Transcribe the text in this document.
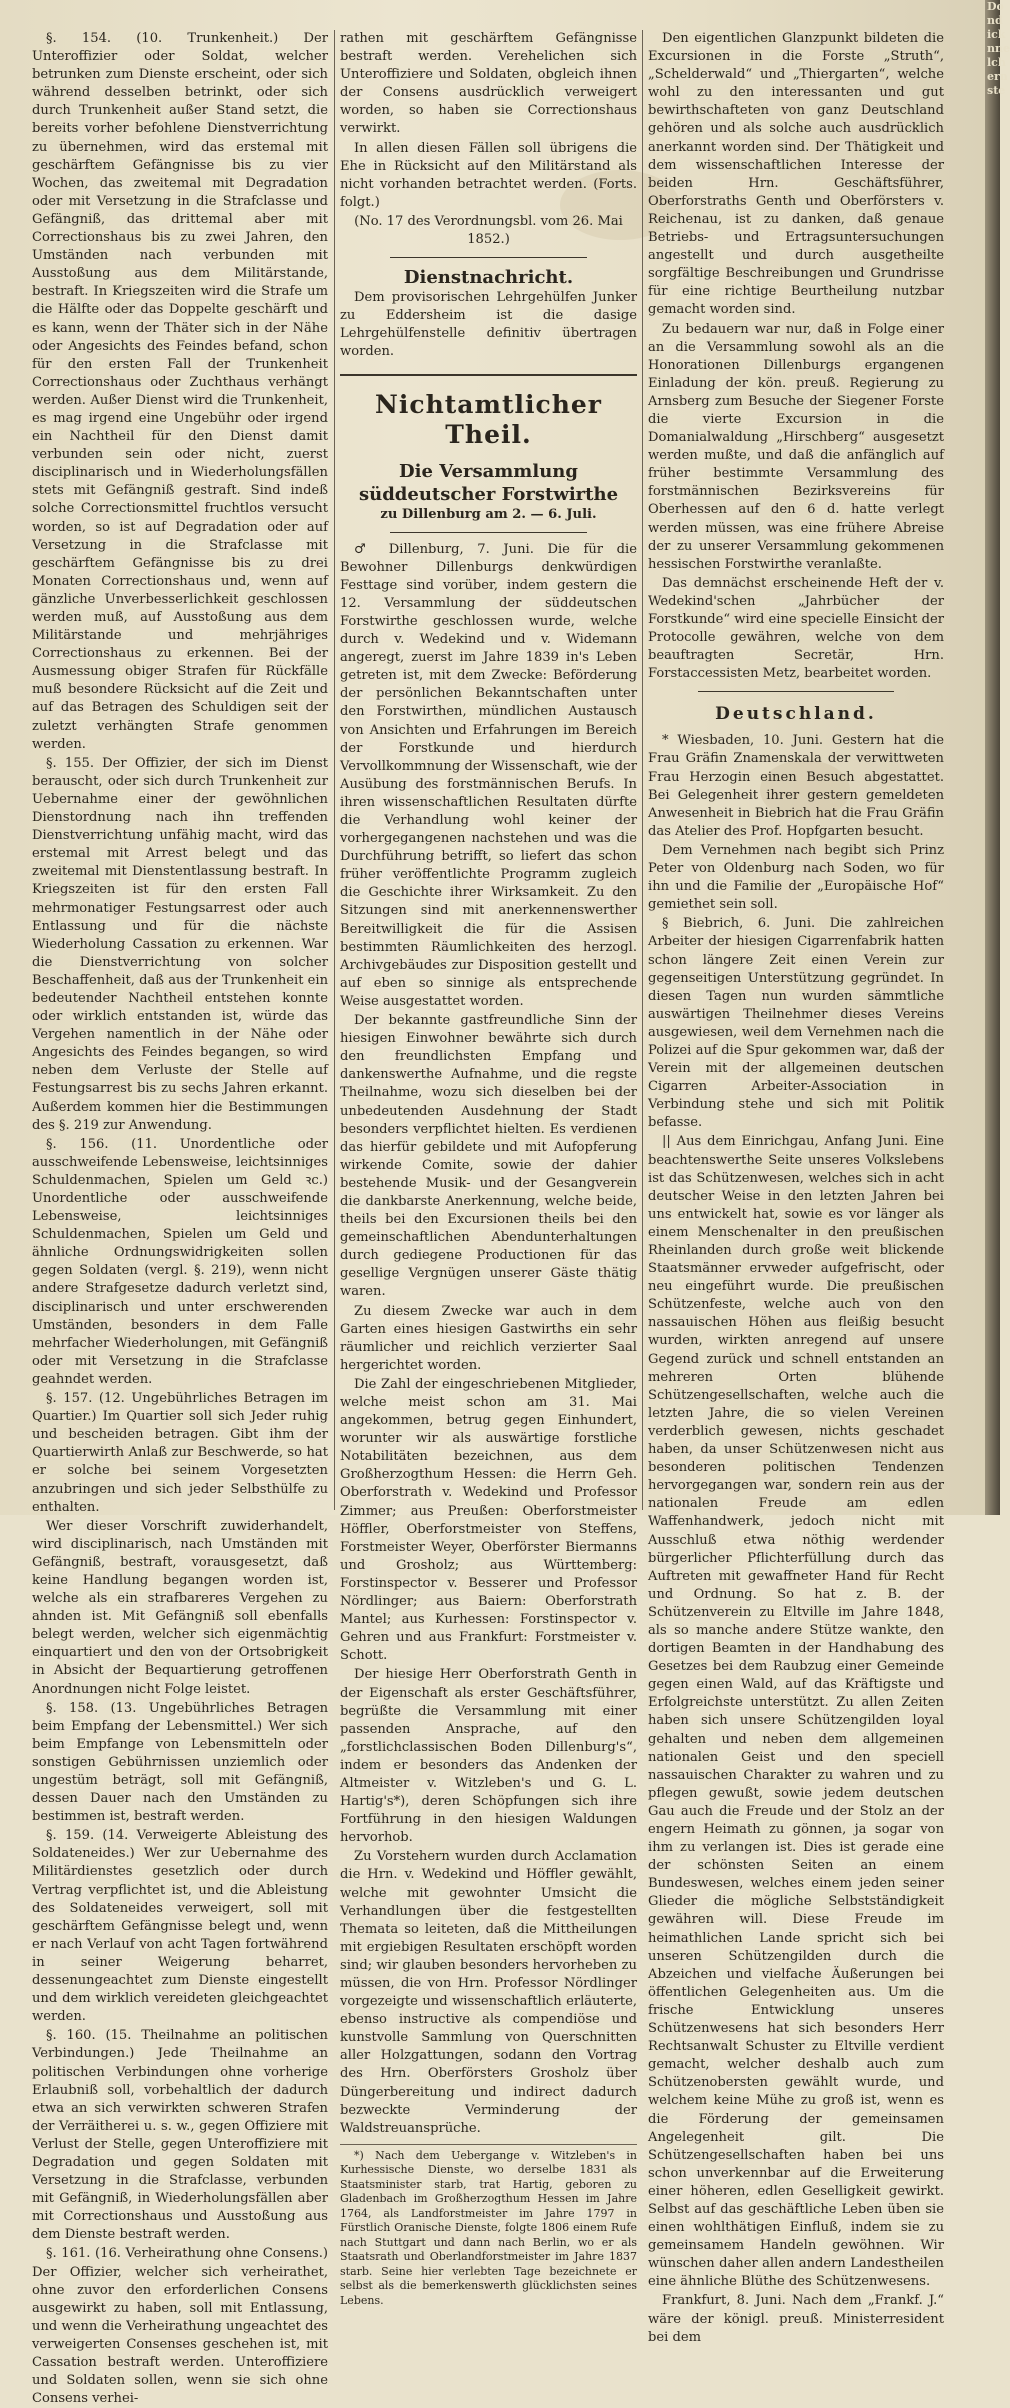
§. 154. (10. Trunkenheit.) Der Unteroffizier oder Soldat, welcher betrunken zum Dienste erscheint, oder sich während desselben betrinkt, oder sich durch Trunkenheit außer Stand setzt, die bereits vorher befohlene Dienstverrichtung zu übernehmen, wird das erstemal mit geschärftem Gefängnisse bis zu vier Wochen, das zweitemal mit Degradation oder mit Versetzung in die Strafclasse und Gefängniß, das drittemal aber mit Correctionshaus bis zu zwei Jahren, den Umständen nach verbunden mit Ausstoßung aus dem Militärstande, bestraft. In Kriegszeiten wird die Strafe um die Hälfte oder das Doppelte geschärft und es kann, wenn der Thäter sich in der Nähe oder Angesichts des Feindes befand, schon für den ersten Fall der Trunkenheit Correctionshaus oder Zuchthaus verhängt werden. Außer Dienst wird die Trunkenheit, es mag irgend eine Ungebühr oder irgend ein Nachtheil für den Dienst damit verbunden sein oder nicht, zuerst disciplinarisch und in Wiederholungsfällen stets mit Gefängniß gestraft. Sind indeß solche Correctionsmittel fruchtlos versucht worden, so ist auf Degradation oder auf Versetzung in die Strafclasse mit geschärftem Gefängnisse bis zu drei Monaten Correctionshaus und, wenn auf gänzliche Unverbesserlichkeit geschlossen werden muß, auf Ausstoßung aus dem Militärstande und mehrjähriges Correctionshaus zu erkennen. Bei der Ausmessung obiger Strafen für Rückfälle muß besondere Rücksicht auf die Zeit und auf das Betragen des Schuldigen seit der zuletzt verhängten Strafe genommen werden.

§. 155. Der Offizier, der sich im Dienst berauscht, oder sich durch Trunkenheit zur Uebernahme einer der gewöhnlichen Dienstordnung nach ihn treffenden Dienstverrichtung unfähig macht, wird das erstemal mit Arrest belegt und das zweitemal mit Dienstentlassung bestraft. In Kriegszeiten ist für den ersten Fall mehrmonatiger Festungsarrest oder auch Entlassung und für die nächste Wiederholung Cassation zu erkennen. War die Dienstverrichtung von solcher Beschaffenheit, daß aus der Trunkenheit ein bedeutender Nachtheil entstehen konnte oder wirklich entstanden ist, würde das Vergehen namentlich in der Nähe oder Angesichts des Feindes begangen, so wird neben dem Verluste der Stelle auf Festungsarrest bis zu sechs Jahren erkannt. Außerdem kommen hier die Bestimmungen des §. 219 zur Anwendung.

§. 156. (11. Unordentliche oder ausschweifende Lebensweise, leichtsinniges Schuldenmachen, Spielen um Geld ꝛc.) Unordentliche oder ausschweifende Lebensweise, leichtsinniges Schuldenmachen, Spielen um Geld und ähnliche Ordnungswidrigkeiten sollen gegen Soldaten (vergl. §. 219), wenn nicht andere Strafgesetze dadurch verletzt sind, disciplinarisch und unter erschwerenden Umständen, besonders in dem Falle mehrfacher Wiederholungen, mit Gefängniß oder mit Versetzung in die Strafclasse geahndet werden.

§. 157. (12. Ungebührliches Betragen im Quartier.) Im Quartier soll sich Jeder ruhig und bescheiden betragen. Gibt ihm der Quartierwirth Anlaß zur Beschwerde, so hat er solche bei seinem Vorgesetzten anzubringen und sich jeder Selbsthülfe zu enthalten.

Wer dieser Vorschrift zuwiderhandelt, wird disciplinarisch, nach Umständen mit Gefängniß, bestraft, vorausgesetzt, daß keine Handlung begangen worden ist, welche als ein strafbareres Vergehen zu ahnden ist. Mit Gefängniß soll ebenfalls belegt werden, welcher sich eigenmächtig einquartiert und den von der Ortsobrigkeit in Absicht der Bequartierung getroffenen Anordnungen nicht Folge leistet.

§. 158. (13. Ungebührliches Betragen beim Empfang der Lebensmittel.) Wer sich beim Empfange von Lebensmitteln oder sonstigen Gebührnissen unziemlich oder ungestüm beträgt, soll mit Gefängniß, dessen Dauer nach den Umständen zu bestimmen ist, bestraft werden.

§. 159. (14. Verweigerte Ableistung des Soldateneides.) Wer zur Uebernahme des Militärdienstes gesetzlich oder durch Vertrag verpflichtet ist, und die Ableistung des Soldateneides verweigert, soll mit geschärftem Gefängnisse belegt und, wenn er nach Verlauf von acht Tagen fortwährend in seiner Weigerung beharret, dessenungeachtet zum Dienste eingestellt und dem wirklich vereideten gleichgeachtet werden.

§. 160. (15. Theilnahme an politischen Verbindungen.) Jede Theilnahme an politischen Verbindungen ohne vorherige Erlaubniß soll, vorbehaltlich der dadurch etwa an sich verwirkten schweren Strafen der Verräitherei u. s. w., gegen Offiziere mit Verlust der Stelle, gegen Unteroffiziere mit Degradation und gegen Soldaten mit Versetzung in die Strafclasse, verbunden mit Gefängniß, in Wiederholungsfällen aber mit Correctionshaus und Ausstoßung aus dem Dienste bestraft werden.

§. 161. (16. Verheirathung ohne Consens.) Der Offizier, welcher sich verheirathet, ohne zuvor den erforderlichen Consens ausgewirkt zu haben, soll mit Entlassung, und wenn die Verheirathung ungeachtet des verweigerten Consenses geschehen ist, mit Cassation bestraft werden. Unteroffiziere und Soldaten sollen, wenn sie sich ohne Consens verhei-

rathen mit geschärftem Gefängnisse bestraft werden. Verehelichen sich Unteroffiziere und Soldaten, obgleich ihnen der Consens ausdrücklich verweigert worden, so haben sie Correctionshaus verwirkt.

In allen diesen Fällen soll übrigens die Ehe in Rücksicht auf den Militärstand als nicht vorhanden betrachtet werden. (Forts. folgt.)

(No. 17 des Verordnungsbl. vom 26. Mai 1852.)

Dienstnachricht.

Dem provisorischen Lehrgehülfen Junker zu Eddersheim ist die dasige Lehrgehülfenstelle definitiv übertragen worden.

Nichtamtlicher Theil.
Die Versammlung süddeutscher Forstwirthe

zu Dillenburg am 2. — 6. Juli.

♂ Dillenburg, 7. Juni. Die für die Bewohner Dillenburgs denkwürdigen Festtage sind vorüber, indem gestern die 12. Versammlung der süddeutschen Forstwirthe geschlossen wurde, welche durch v. Wedekind und v. Widemann angeregt, zuerst im Jahre 1839 in's Leben getreten ist, mit dem Zwecke: Beförderung der persönlichen Bekanntschaften unter den Forstwirthen, mündlichen Austausch von Ansichten und Erfahrungen im Bereich der Forstkunde und hierdurch Vervollkommnung der Wissenschaft, wie der Ausübung des forstmännischen Berufs. In ihren wissenschaftlichen Resultaten dürfte die Verhandlung wohl keiner der vorhergegangenen nachstehen und was die Durchführung betrifft, so liefert das schon früher veröffentlichte Programm zugleich die Geschichte ihrer Wirksamkeit. Zu den Sitzungen sind mit anerkennenswerther Bereitwilligkeit die für die Assisen bestimmten Räumlichkeiten des herzogl. Archivgebäudes zur Disposition gestellt und auf eben so sinnige als entsprechende Weise ausgestattet worden.

Der bekannte gastfreundliche Sinn der hiesigen Einwohner bewährte sich durch den freundlichsten Empfang und dankenswerthe Aufnahme, und die regste Theilnahme, wozu sich dieselben bei der unbedeutenden Ausdehnung der Stadt besonders verpflichtet hielten. Es verdienen das hierfür gebildete und mit Aufopferung wirkende Comite, sowie der dahier bestehende Musik- und der Gesangverein die dankbarste Anerkennung, welche beide, theils bei den Excursionen theils bei den gemeinschaftlichen Abendunterhaltungen durch gediegene Productionen für das gesellige Vergnügen unserer Gäste thätig waren.

Zu diesem Zwecke war auch in dem Garten eines hiesigen Gastwirths ein sehr räumlicher und reichlich verzierter Saal hergerichtet worden.

Die Zahl der eingeschriebenen Mitglieder, welche meist schon am 31. Mai angekommen, betrug gegen Einhundert, worunter wir als auswärtige forstliche Notabilitäten bezeichnen, aus dem Großherzogthum Hessen: die Herrn Geh. Oberforstrath v. Wedekind und Professor Zimmer; aus Preußen: Oberforstmeister Höffler, Oberforstmeister von Steffens, Forstmeister Weyer, Oberförster Biermanns und Grosholz; aus Württemberg: Forstinspector v. Besserer und Professor Nördlinger; aus Baiern: Oberforstrath Mantel; aus Kurhessen: Forstinspector v. Gehren und aus Frankfurt: Forstmeister v. Schott.

Der hiesige Herr Oberforstrath Genth in der Eigenschaft als erster Geschäftsführer, begrüßte die Versammlung mit einer passenden Ansprache, auf den „forstlichclassischen Boden Dillenburg's“, indem er besonders das Andenken der Altmeister v. Witzleben's und G. L. Hartig's*), deren Schöpfungen sich ihre Fortführung in den hiesigen Waldungen hervorhob.

Zu Vorstehern wurden durch Acclamation die Hrn. v. Wedekind und Höffler gewählt, welche mit gewohnter Umsicht die Verhandlungen über die festgestellten Themata so leiteten, daß die Mittheilungen mit ergiebigen Resultaten erschöpft worden sind; wir glauben besonders hervorheben zu müssen, die von Hrn. Professor Nördlinger vorgezeigte und wissenschaftlich erläuterte, ebenso instructive als compendiöse und kunstvolle Sammlung von Querschnitten aller Holzgattungen, sodann den Vortrag des Hrn. Oberförsters Grosholz über Düngerbereitung und indirect dadurch bezweckte Verminderung der Waldstreuansprüche.

*) Nach dem Uebergange v. Witzleben's in Kurhessische Dienste, wo derselbe 1831 als Staatsminister starb, trat Hartig, geboren zu Gladenbach im Großherzogthum Hessen im Jahre 1764, als Landforstmeister im Jahre 1797 in Fürstlich Oranische Dienste, folgte 1806 einem Rufe nach Stuttgart und dann nach Berlin, wo er als Staatsrath und Oberlandforstmeister im Jahre 1837 starb. Seine hier verlebten Tage bezeichnete er selbst als die bemerkenswerth glücklichsten seines Lebens.

Den eigentlichen Glanzpunkt bildeten die Excursionen in die Forste „Struth“, „Schelderwald“ und „Thiergarten“, welche wohl zu den interessanten und gut bewirthschafteten von ganz Deutschland gehören und als solche auch ausdrücklich anerkannt worden sind. Der Thätigkeit und dem wissenschaftlichen Interesse der beiden Hrn. Geschäftsführer, Oberforstraths Genth und Oberförsters v. Reichenau, ist zu danken, daß genaue Betriebs- und Ertragsuntersuchungen angestellt und durch ausgetheilte sorgfältige Beschreibungen und Grundrisse für eine richtige Beurtheilung nutzbar gemacht worden sind.

Zu bedauern war nur, daß in Folge einer an die Versammlung sowohl als an die Honorationen Dillenburgs ergangenen Einladung der kön. preuß. Regierung zu Arnsberg zum Besuche der Siegener Forste die vierte Excursion in die Domanialwaldung „Hirschberg“ ausgesetzt werden mußte, und daß die anfänglich auf früher bestimmte Versammlung des forstmännischen Bezirksvereins für Oberhessen auf den 6 d. hatte verlegt werden müssen, was eine frühere Abreise der zu unserer Versammlung gekommenen hessischen Forstwirthe veranlaßte.

Das demnächst erscheinende Heft der v. Wedekind'schen „Jahrbücher der Forstkunde“ wird eine specielle Einsicht der Protocolle gewähren, welche von dem beauftragten Secretär, Hrn. Forstaccessisten Metz, bearbeitet worden.

Deutschland.

* Wiesbaden, 10. Juni. Gestern hat die Frau Gräfin Znamenskala der verwittweten Frau Herzogin einen Besuch abgestattet. Bei Gelegenheit ihrer gestern gemeldeten Anwesenheit in Biebrich hat die Frau Gräfin das Atelier des Prof. Hopfgarten besucht.

Dem Vernehmen nach begibt sich Prinz Peter von Oldenburg nach Soden, wo für ihn und die Familie der „Europäische Hof“ gemiethet sein soll.

§ Biebrich, 6. Juni. Die zahlreichen Arbeiter der hiesigen Cigarrenfabrik hatten schon längere Zeit einen Verein zur gegenseitigen Unterstützung gegründet. In diesen Tagen nun wurden sämmtliche auswärtigen Theilnehmer dieses Vereins ausgewiesen, weil dem Vernehmen nach die Polizei auf die Spur gekommen war, daß der Verein mit der allgemeinen deutschen Cigarren Arbeiter-Association in Verbindung stehe und sich mit Politik befasse.

|| Aus dem Einrichgau, Anfang Juni. Eine beachtenswerthe Seite unseres Volkslebens ist das Schützenwesen, welches sich in acht deutscher Weise in den letzten Jahren bei uns entwickelt hat, sowie es vor länger als einem Menschenalter in den preußischen Rheinlanden durch große weit blickende Staatsmänner ervweder aufgefrischt, oder neu eingeführt wurde. Die preußischen Schützenfeste, welche auch von den nassauischen Höhen aus fleißig besucht wurden, wirkten anregend auf unsere Gegend zurück und schnell entstanden an mehreren Orten blühende Schützengesellschaften, welche auch die letzten Jahre, die so vielen Vereinen verderblich gewesen, nichts geschadet haben, da unser Schützenwesen nicht aus besonderen politischen Tendenzen hervorgegangen war, sondern rein aus der nationalen Freude am edlen Waffenhandwerk, jedoch nicht mit Ausschluß etwa nöthig werdender bürgerlicher Pflichterfüllung durch das Auftreten mit gewaffneter Hand für Recht und Ordnung. So hat z. B. der Schützenverein zu Eltville im Jahre 1848, als so manche andere Stütze wankte, den dortigen Beamten in der Handhabung des Gesetzes bei dem Raubzug einer Gemeinde gegen einen Wald, auf das Kräftigste und Erfolgreichste unterstützt. Zu allen Zeiten haben sich unsere Schützengilden loyal gehalten und neben dem allgemeinen nationalen Geist und den speciell nassauischen Charakter zu wahren und zu pflegen gewußt, sowie jedem deutschen Gau auch die Freude und der Stolz an der engern Heimath zu gönnen, ja sogar von ihm zu verlangen ist. Dies ist gerade eine der schönsten Seiten an einem Bundeswesen, welches einem jeden seiner Glieder die mögliche Selbstständigkeit gewähren will. Diese Freude im heimathlichen Lande spricht sich bei unseren Schützengilden durch die Abzeichen und vielfache Äußerungen bei öffentlichen Gelegenheiten aus. Um die frische Entwicklung unseres Schützenwesens hat sich besonders Herr Rechtsanwalt Schuster zu Eltville verdient gemacht, welcher deshalb auch zum Schützenobersten gewählt wurde, und welchem keine Mühe zu groß ist, wenn es die Förderung der gemeinsamen Angelegenheit gilt. Die Schützengesellschaften haben bei uns schon unverkennbar auf die Erweiterung einer höheren, edlen Geselligkeit gewirkt. Selbst auf das geschäftliche Leben üben sie einen wohlthätigen Einfluß, indem sie zu gemeinsamem Handeln gewöhnen. Wir wünschen daher allen andern Landestheilen eine ähnliche Blüthe des Schützenwesens.

Frankfurt, 8. Juni. Nach dem „Frankf. J.“ wäre der königl. preuß. Ministerresident bei dem

Do
nd
ick
nne
lch
ern
ste
